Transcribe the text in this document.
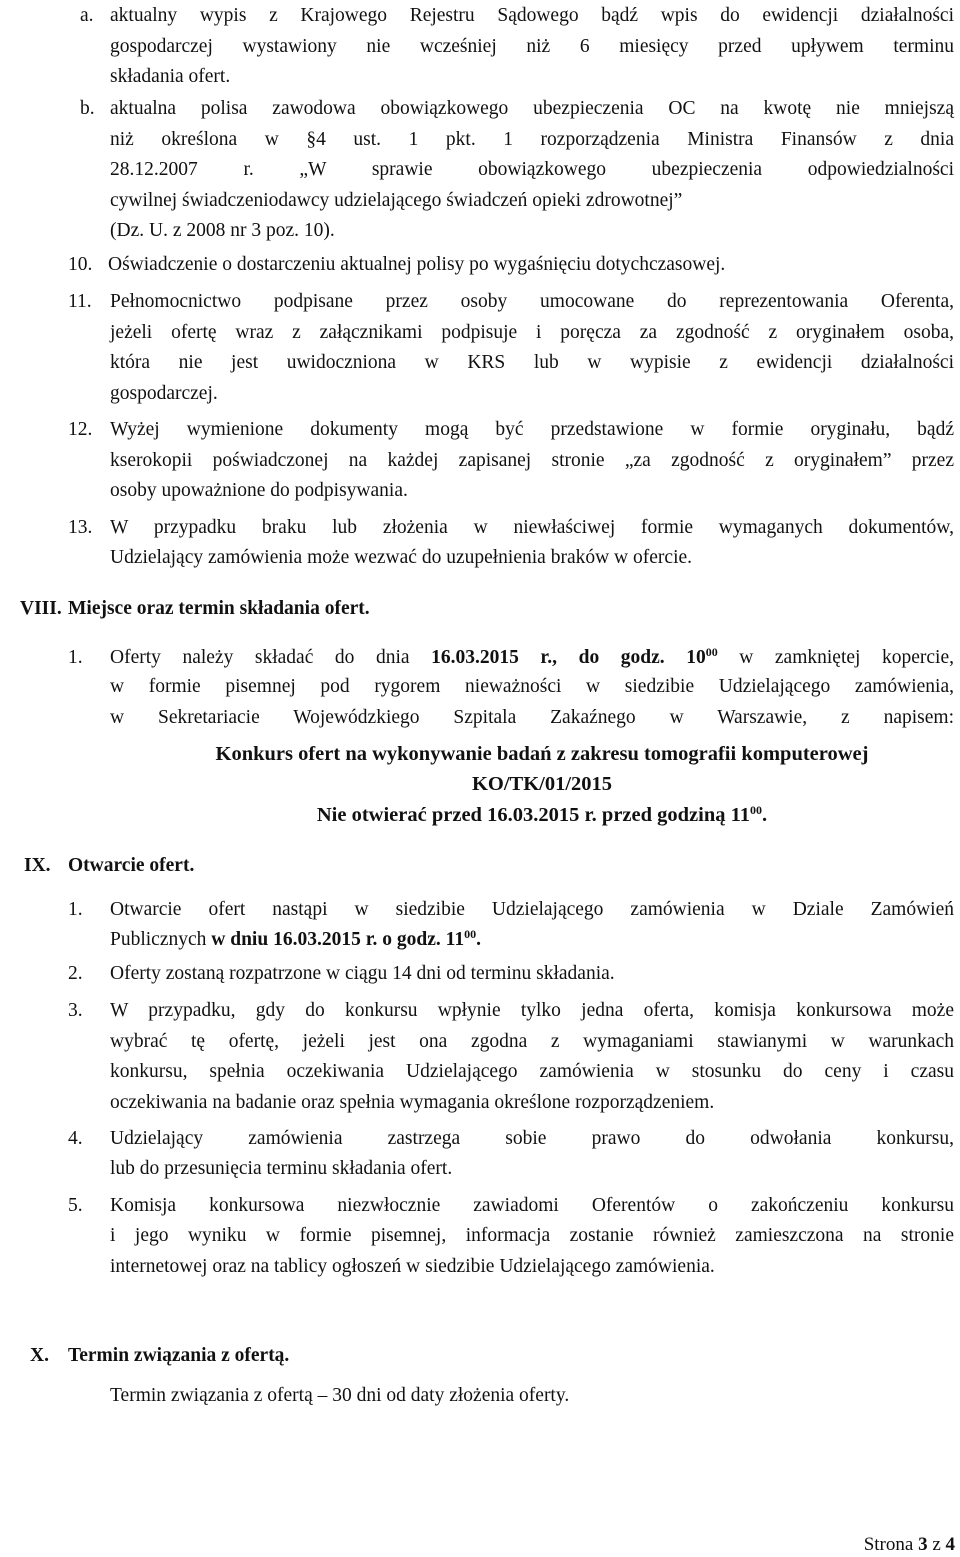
a. aktualny wypis z Krajowego Rejestru Sądowego bądź wpis do ewidencji działalności
gospodarczej wystawiony nie wcześniej niż 6 miesięcy przed upływem terminu
składania ofert.
b. aktualna polisa zawodowa obowiązkowego ubezpieczenia OC na kwotę nie mniejszą
niż określona w §4 ust. 1 pkt. 1 rozporządzenia Ministra Finansów z dnia
28.12.2007 r. „W sprawie obowiązkowego ubezpieczenia odpowiedzialności
cywilnej świadczeniodawcy udzielającego świadczeń opieki zdrowotnej”
(Dz. U. z 2008 nr 3 poz. 10).
10. Oświadczenie o dostarczeniu aktualnej polisy po wygaśnięciu dotychczasowej.
11. Pełnomocnictwo podpisane przez osoby umocowane do reprezentowania Oferenta,
jeżeli ofertę wraz z załącznikami podpisuje i poręcza za zgodność z oryginałem osoba,
która nie jest uwidoczniona w KRS lub w wypisie z ewidencji działalności
gospodarczej.
12. Wyżej wymienione dokumenty mogą być przedstawione w formie oryginału, bądź
kserokopii poświadczonej na każdej zapisanej stronie „za zgodność z oryginałem” przez
osoby upoważnione do podpisywania.
13. W przypadku braku lub złożenia w niewłaściwej formie wymaganych dokumentów,
Udzielający zamówienia może wezwać do uzupełnienia braków w ofercie.
VIII. Miejsce oraz termin składania ofert.
1. Oferty należy składać do dnia 16.03.2015 r., do godz. $10^{00}$ w zamkniętej kopercie,
w formie pisemnej pod rygorem nieważności w siedzibie Udzielającego zamówienia,
w Sekretariacie Wojewódzkiego Szpitala Zakaźnego w Warszawie, z napisem:
Konkurs ofert na wykonywanie badań z zakresu tomografii komputerowej
KO/TK/01/2015
Nie otwierać przed 16.03.2015 r. przed godziną $11^{00}$.
IX. Otwarcie ofert.
1. Otwarcie ofert nastąpi w siedzibie Udzielającego zamówienia w Dziale Zamówień
Publicznych w dniu 16.03.2015 r. o godz. $11^{00}$.
2. Oferty zostaną rozpatrzone w ciągu 14 dni od terminu składania.
3. W przypadku, gdy do konkursu wpłynie tylko jedna oferta, komisja konkursowa może
wybrać tę ofertę, jeżeli jest ona zgodna z wymaganiami stawianymi w warunkach
konkursu, spełnia oczekiwania Udzielającego zamówienia w stosunku do ceny i czasu
oczekiwania na badanie oraz spełnia wymagania określone rozporządzeniem.
4. Udzielający zamówienia zastrzega sobie prawo do odwołania konkursu,
lub do przesunięcia terminu składania ofert.
5. Komisja konkursowa niezwłocznie zawiadomi Oferentów o zakończeniu konkursu
i jego wyniku w formie pisemnej, informacja zostanie również zamieszczona na stronie
internetowej oraz na tablicy ogłoszeń w siedzibie Udzielającego zamówienia.
X. Termin związania z ofertą.
Termin związania z ofertą – 30 dni od daty złożenia oferty.
Strona 3 z 4
